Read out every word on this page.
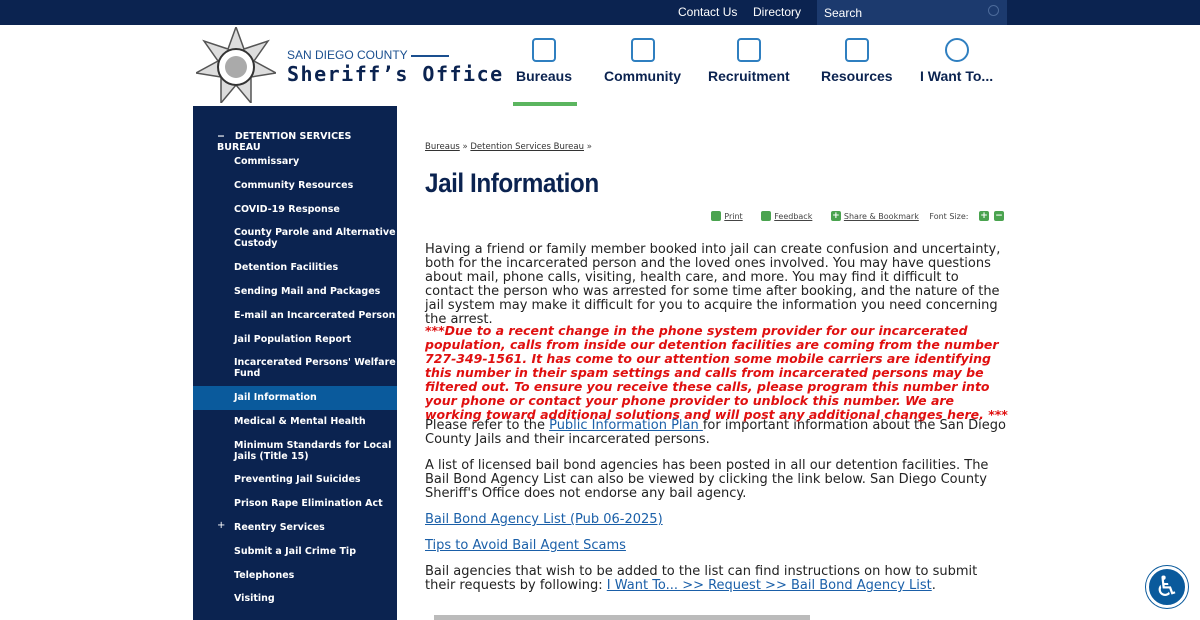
Contact Us Directory	Search
SAN DIEGO COUNTY
Sheriff’s Office Bureaus Community Recruitment Resources I Want To...
−   DETENTION SERVICES BUREAU
Commissary
Community Resources
COVID-19 Response
County Parole and Alternative Custody
Detention Facilities
Sending Mail and Packages
E-mail an Incarcerated Person
Jail Population Report
Incarcerated Persons' Welfare Fund
Jail Information
Medical & Mental Health
Minimum Standards for Local Jails (Title 15)
Preventing Jail Suicides
Prison Rape Elimination Act
Reentry Services
+
Submit a Jail Crime Tip
Telephones
Visiting
Bureaus » Detention Services Bureau »
Jail Information
Print	Feedback + Share & Bookmark Font Size: + −

Having a friend or family member booked into jail can create confusion and uncertainty, both for the incarcerated person and the loved ones involved. You may have questions about mail, phone calls, visiting, health care, and more. You may find it difficult to contact the person who was arrested for some time after booking, and the nature of the jail system may make it difficult for you to acquire the information you need concerning the arrest.

***Due to a recent change in the phone system provider for our incarcerated population, calls from inside our detention facilities are coming from the number 727-349-1561. It has come to our attention some mobile carriers are identifying this number in their spam settings and calls from incarcerated persons may be filtered out. To ensure you receive these calls, please program this number into your phone or contact your phone provider to unblock this number. We are working toward additional solutions and will post any additional changes here. ***

Please refer to the Public Information Plan for important information about the San Diego County Jails and their incarcerated persons.

A list of licensed bail bond agencies has been posted in all our detention facilities. The Bail Bond Agency List can also be viewed by clicking the link below. San Diego County Sheriff's Office does not endorse any bail agency.

Bail Bond Agency List (Pub 06-2025)

Tips to Avoid Bail Agent Scams

Bail agencies that wish to be added to the list can find instructions on how to submit their requests by following: I Want To... >> Request >> Bail Bond Agency List.	♿
